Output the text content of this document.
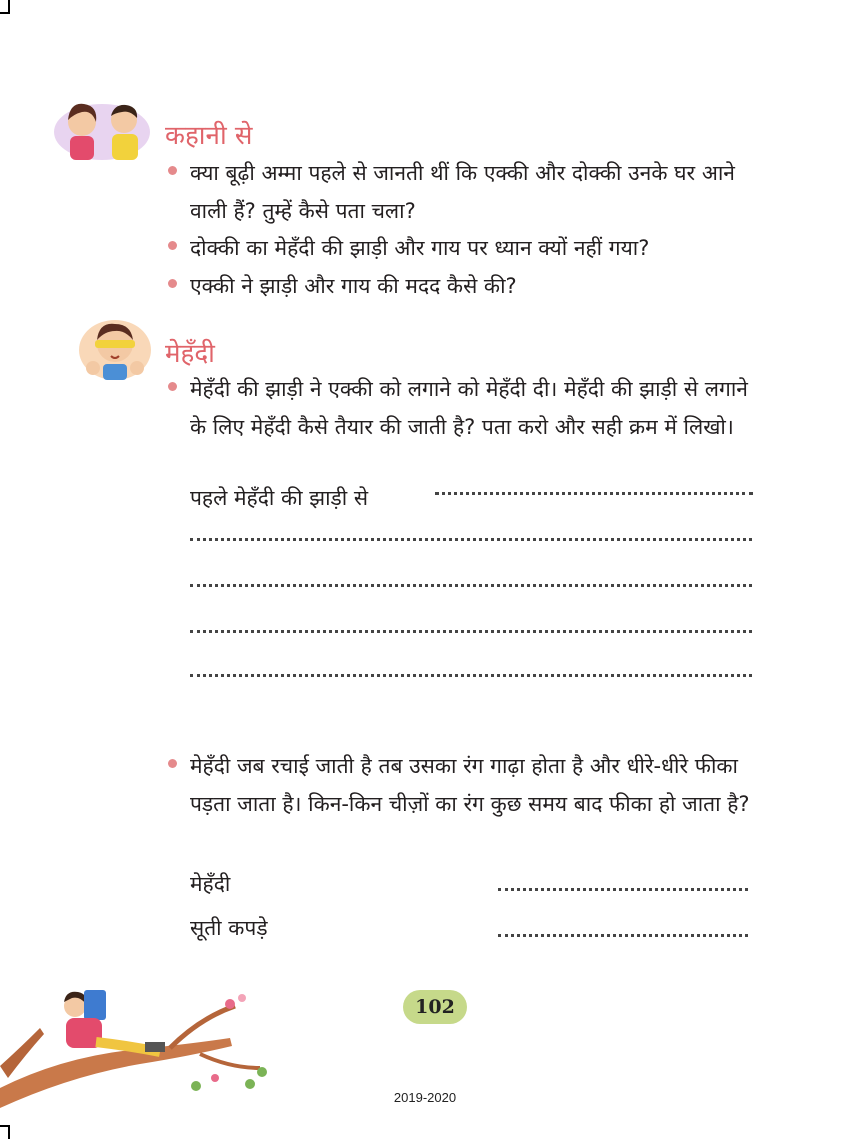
कहानी से
क्या बूढ़ी अम्मा पहले से जानती थीं कि एक्की और दोक्की उनके घर आने वाली हैं? तुम्हें कैसे पता चला?
दोक्की का मेहँदी की झाड़ी और गाय पर ध्यान क्यों नहीं गया?
एक्की ने झाड़ी और गाय की मदद कैसे की?
मेहँदी
मेहँदी की झाड़ी ने एक्की को लगाने को मेहँदी दी। मेहँदी की झाड़ी से लगाने के लिए मेहँदी कैसे तैयार की जाती है? पता करो और सही क्रम में लिखो।
पहले मेहँदी की झाड़ी से
मेहँदी जब रचाई जाती है तब उसका रंग गाढ़ा होता है और धीरे-धीरे फीका पड़ता जाता है। किन-किन चीज़ों का रंग कुछ समय बाद फीका हो जाता है?
मेहँदी
सूती कपड़े
102
2019-2020
